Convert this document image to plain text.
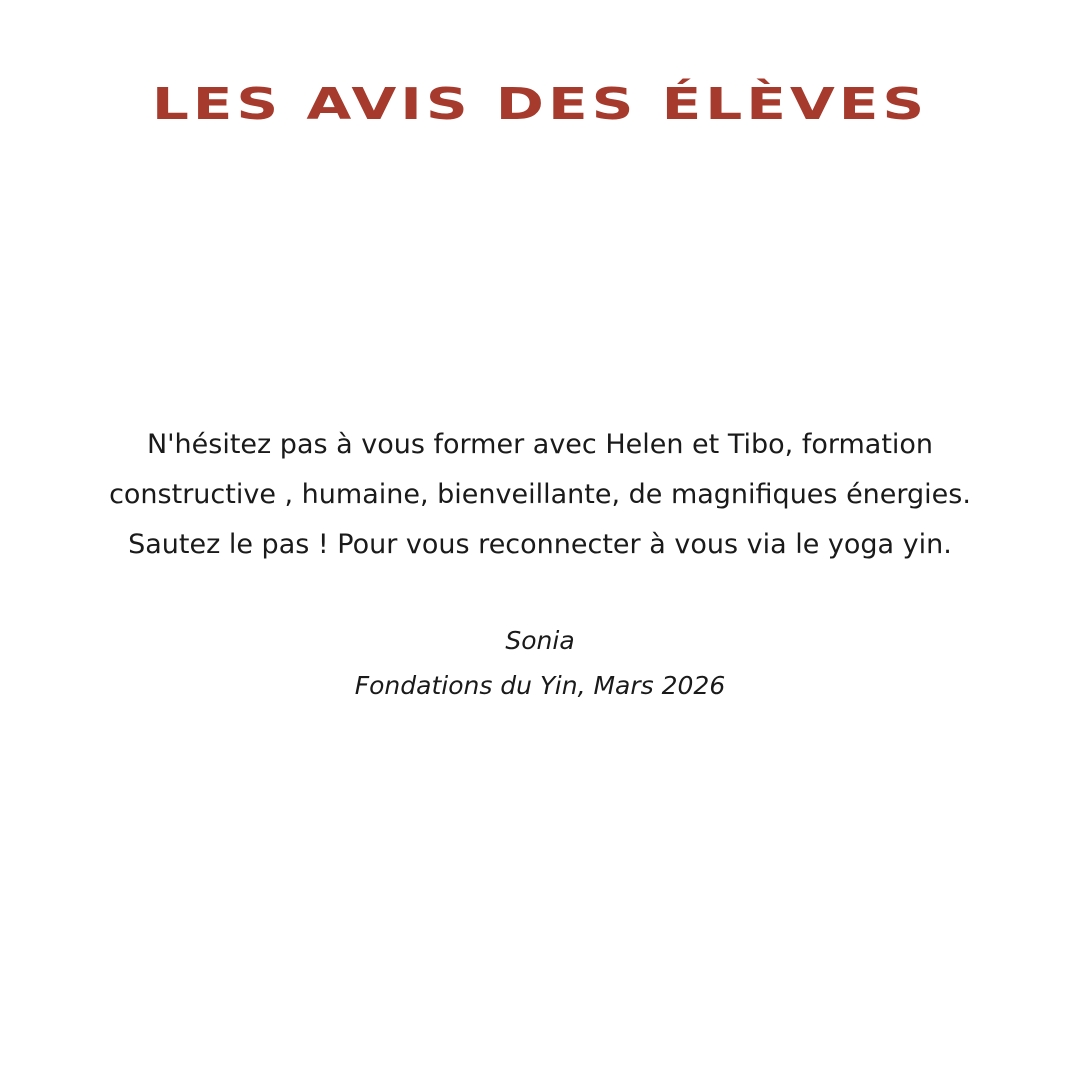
LES AVIS DES ÉLÈVES
N'hésitez pas à vous former avec Helen et Tibo, formation
constructive , humaine, bienveillante, de magnifiques énergies.
Sautez le pas ! Pour vous reconnecter à vous via le yoga yin.
Sonia
Fondations du Yin, Mars 2026
